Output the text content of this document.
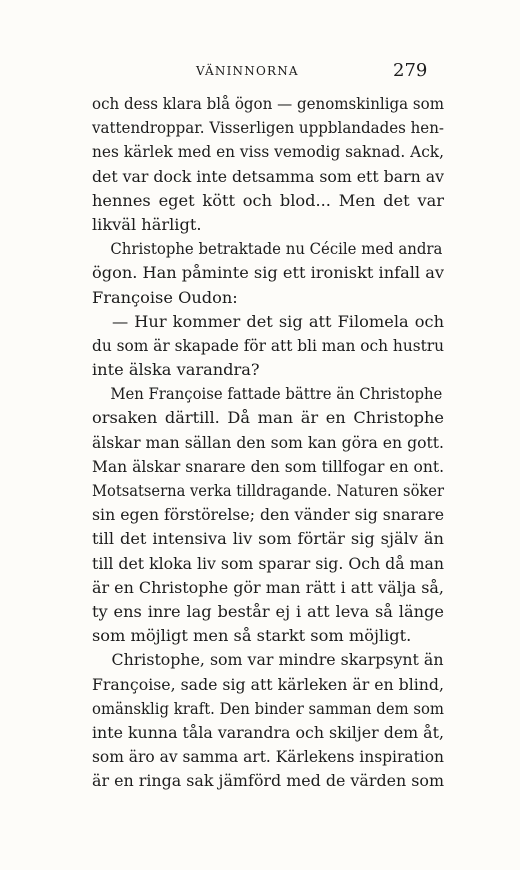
VÄNINNORNA	279
och dess klara blå ögon — genomskinliga som
vattendroppar. Visserligen uppblandades hen-
nes kärlek med en viss vemodig saknad. Ack,
det var dock inte detsamma som ett barn av
hennes eget kött och blod... Men det var
likväl härligt.
Christophe betraktade nu Cécile med andra
ögon. Han påminte sig ett ironiskt infall av
Françoise Oudon:
— Hur kommer det sig att Filomela och
du som är skapade för att bli man och hustru
inte älska varandra?
Men Françoise fattade bättre än Christophe
orsaken därtill. Då man är en Christophe
älskar man sällan den som kan göra en gott.
Man älskar snarare den som tillfogar en ont.
Motsatserna verka tilldragande. Naturen söker
sin egen förstörelse; den vänder sig snarare
till det intensiva liv som förtär sig själv än
till det kloka liv som sparar sig. Och då man
är en Christophe gör man rätt i att välja så,
ty ens inre lag består ej i att leva så länge
som möjligt men så starkt som möjligt.
Christophe, som var mindre skarpsynt än
Françoise, sade sig att kärleken är en blind,
omänsklig kraft. Den binder samman dem som
inte kunna tåla varandra och skiljer dem åt,
som äro av samma art. Kärlekens inspiration
är en ringa sak jämförd med de värden som
